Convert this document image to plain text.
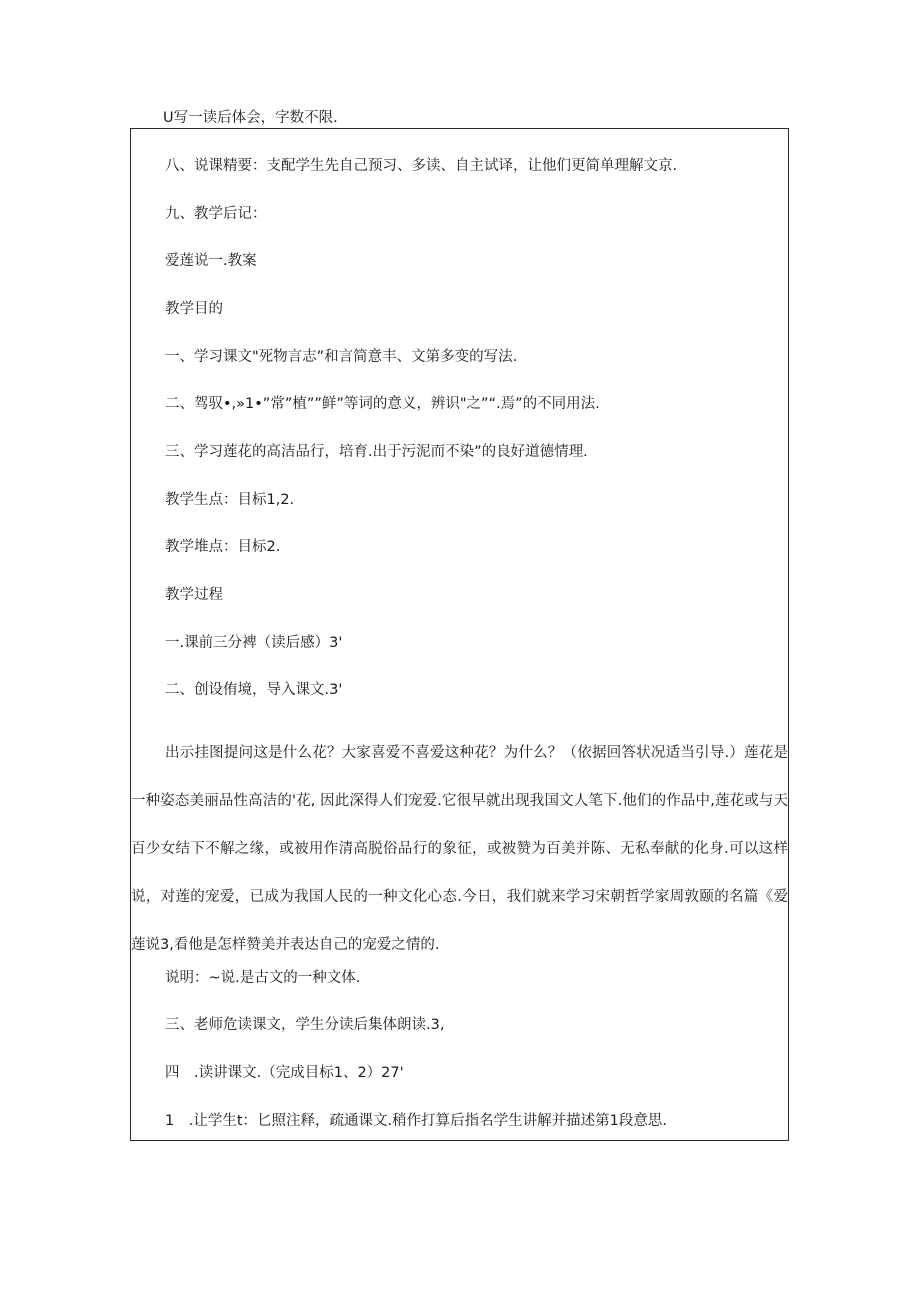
U写一读后体会，字数不限.
八、说课精要：支配学生先自己预习、多读、自主试译，让他们更简单理解文京.
九、教学后记：
爱莲说一.教案
教学目的
一、学习课文"死物言志”和言简意丰、文第多变的写法.
二、驾驭•,»1•”常”植””鲜”等词的意义，辨识"之”“.焉”的不同用法.
三、学习莲花的高洁品行，培育.出于污泥而不染”的良好道德情理.
教学生点：目标1,2.
教学堆点：目标2.
教学过程
一.课前三分裨（读后感）3'
二、创设侑境，导入课文.3'
出示挂图提问这是什么花？大家喜爱不喜爱这种花？为什么？（依据回答状况适当引导.）莲花是一种姿态美丽品性高洁的'花, 因此深得人们宠爱.它很早就出现我国文人笔下.他们的作品中,莲花或与天百少女结下不解之缘，或被用作清高脱俗品行的象征，或被赞为百美并陈、无私奉献的化身.可以这样说，对莲的宠爱，已成为我国人民的一种文化心态.今日，我们就来学习宋朝哲学家周敦颐的名篇《爱莲说3,看他是怎样赞美并表达自己的宠爱之情的.
说明：~说.是古文的一种文体.
三、老师危读课文，学生分读后集体朗读.3,
四　.读讲课文.（完成目标1、2）27'
1　.让学生t：匕照注释，疏通课文.稍作打算后指名学生讲解并描述第1段意思.
